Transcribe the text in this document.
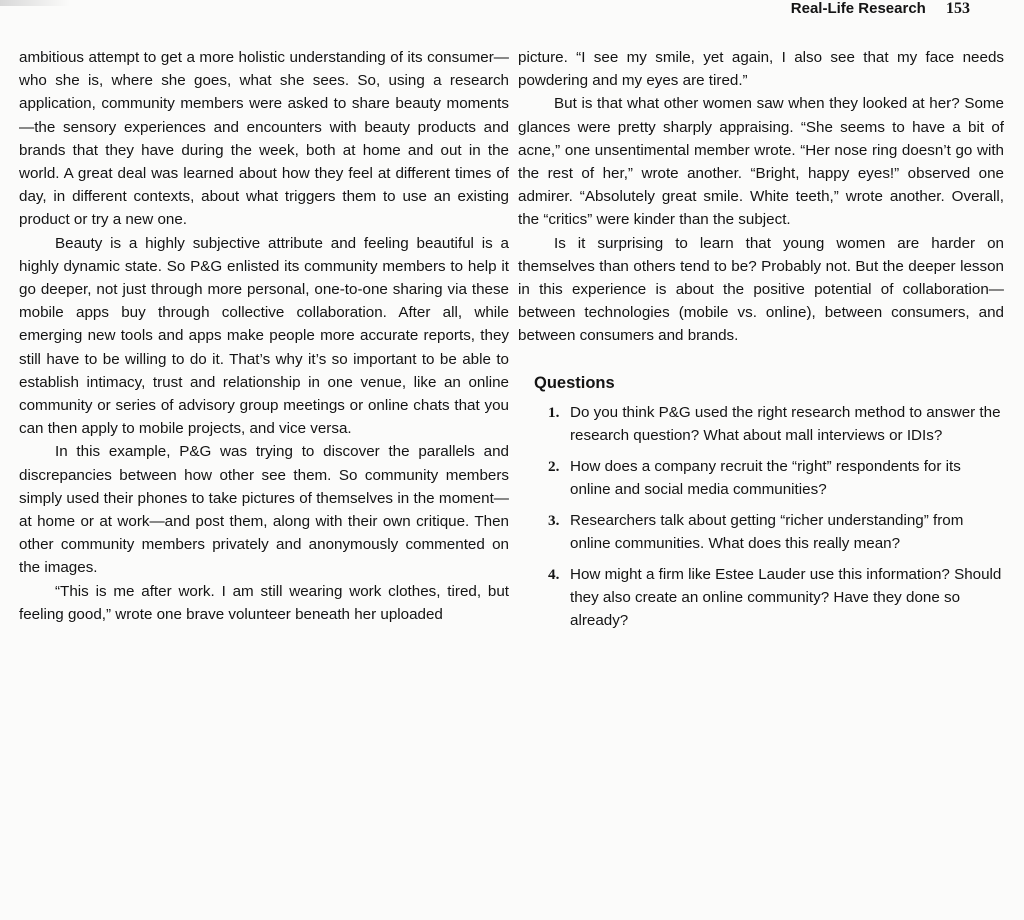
Real-Life Research 153

ambitious attempt to get a more holistic understanding of its consumer—who she is, where she goes, what she sees. So, using a research application, community members were asked to share beauty moments—the sensory experiences and encounters with beauty products and brands that they have during the week, both at home and out in the world. A great deal was learned about how they feel at different times of day, in different contexts, about what triggers them to use an existing product or try a new one.

Beauty is a highly subjective attribute and feeling beautiful is a highly dynamic state. So P&G enlisted its community members to help it go deeper, not just through more personal, one-to-one sharing via these mobile apps buy through collective collaboration. After all, while emerging new tools and apps make people more accurate reports, they still have to be willing to do it. That’s why it’s so important to be able to establish intimacy, trust and relationship in one venue, like an online community or series of advisory group meetings or online chats that you can then apply to mobile projects, and vice versa.

In this example, P&G was trying to discover the parallels and discrepancies between how other see them. So community members simply used their phones to take pictures of themselves in the moment—at home or at work—and post them, along with their own critique. Then other community members privately and anonymously commented on the images.

“This is me after work. I am still wearing work clothes, tired, but feeling good,” wrote one brave volunteer beneath her uploaded

picture. “I see my smile, yet again, I also see that my face needs powdering and my eyes are tired.”

But is that what other women saw when they looked at her? Some glances were pretty sharply appraising. “She seems to have a bit of acne,” one unsentimental member wrote. “Her nose ring doesn’t go with the rest of her,” wrote another. “Bright, happy eyes!” observed one admirer. “Absolutely great smile. White teeth,” wrote another. Overall, the “critics” were kinder than the subject.

Is it surprising to learn that young women are harder on themselves than others tend to be? Probably not. But the deeper lesson in this experience is about the positive potential of collaboration—between technologies (mobile vs. online), between consumers, and between consumers and brands.

Questions
1. Do you think P&G used the right research method to answer the research question? What about mall interviews or IDIs?
2. How does a company recruit the “right” respondents for its online and social media communities?
3. Researchers talk about getting “richer understanding” from online communities. What does this really mean?
4. How might a firm like Estee Lauder use this information? Should they also create an online community? Have they done so already?
